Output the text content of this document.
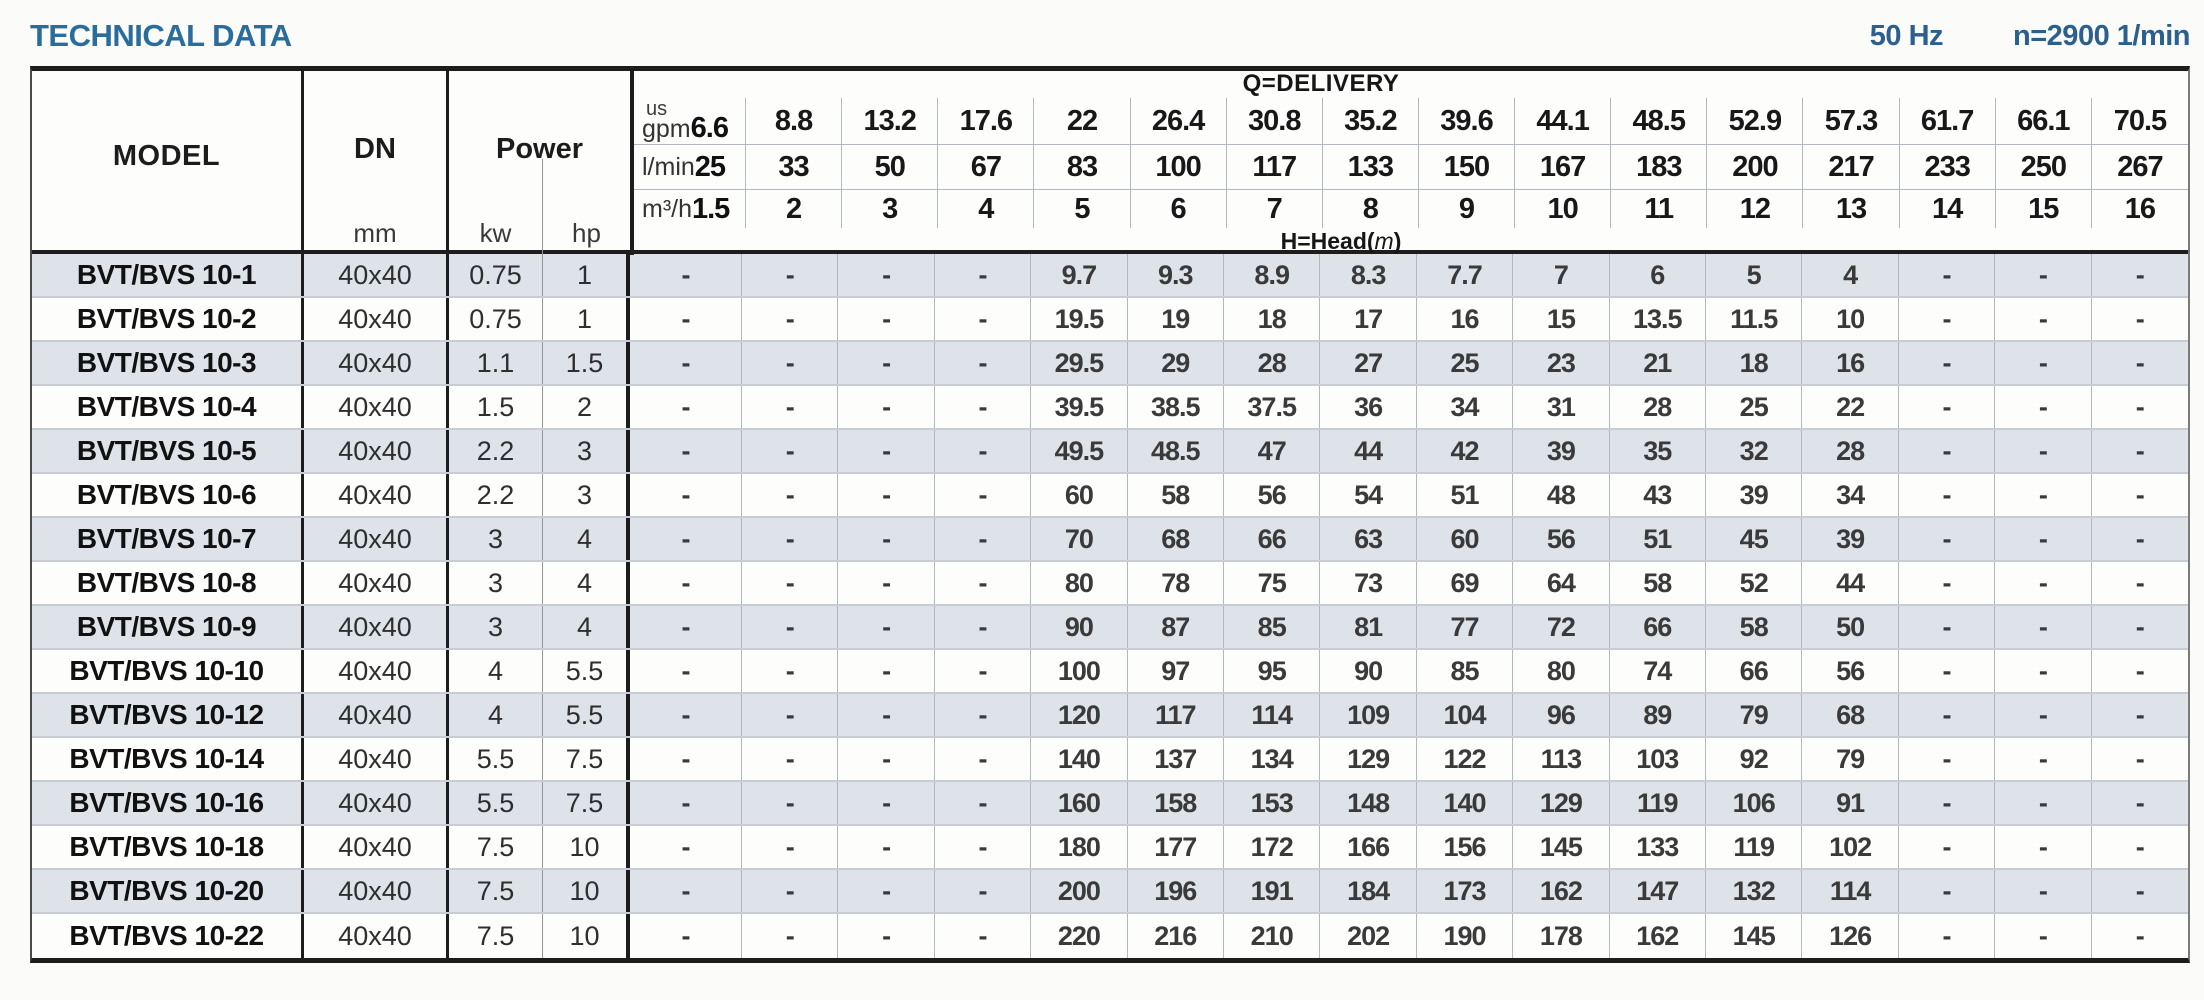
TECHNICAL DATA	50 Hz n=2900 1/min
MODEL	DN
mm
Power
kw	hp
Q=DELIVERY
us
gpm 6.6	8.8	13.2	17.6	22	26.4	30.8	35.2	39.6	44.1	48.5	52.9	57.3	61.7	66.1	70.5
l/min 25	33	50	67	83	100	117	133	150	167	183	200	217	233	250	267
m³/h 1.5	2	3	4	5	6	7	8	9	10	11	12	13	14	15	16
H=Head(m)
BVT/BVS 10-1	40x40	0.75	1	-	-	-	-	9.7	9.3	8.9	8.3	7.7	7	6	5	4	-	-	-
BVT/BVS 10-2	40x40	0.75	1	-	-	-	-	19.5	19	18	17	16	15	13.5	11.5	10	-	-	-
BVT/BVS 10-3	40x40	1.1	1.5	-	-	-	-	29.5	29	28	27	25	23	21	18	16	-	-	-
BVT/BVS 10-4	40x40	1.5	2	-	-	-	-	39.5	38.5	37.5	36	34	31	28	25	22	-	-	-
BVT/BVS 10-5	40x40	2.2	3	-	-	-	-	49.5	48.5	47	44	42	39	35	32	28	-	-	-
BVT/BVS 10-6	40x40	2.2	3	-	-	-	-	60	58	56	54	51	48	43	39	34	-	-	-
BVT/BVS 10-7	40x40	3	4	-	-	-	-	70	68	66	63	60	56	51	45	39	-	-	-
BVT/BVS 10-8	40x40	3	4	-	-	-	-	80	78	75	73	69	64	58	52	44	-	-	-
BVT/BVS 10-9	40x40	3	4	-	-	-	-	90	87	85	81	77	72	66	58	50	-	-	-
BVT/BVS 10-10	40x40	4	5.5	-	-	-	-	100	97	95	90	85	80	74	66	56	-	-	-
BVT/BVS 10-12	40x40	4	5.5	-	-	-	-	120	117	114	109	104	96	89	79	68	-	-	-
BVT/BVS 10-14	40x40	5.5	7.5	-	-	-	-	140	137	134	129	122	113	103	92	79	-	-	-
BVT/BVS 10-16	40x40	5.5	7.5	-	-	-	-	160	158	153	148	140	129	119	106	91	-	-	-
BVT/BVS 10-18	40x40	7.5	10	-	-	-	-	180	177	172	166	156	145	133	119	102	-	-	-
BVT/BVS 10-20	40x40	7.5	10	-	-	-	-	200	196	191	184	173	162	147	132	114	-	-	-
BVT/BVS 10-22	40x40	7.5	10	-	-	-	-	220	216	210	202	190	178	162	145	126	-	-	-
